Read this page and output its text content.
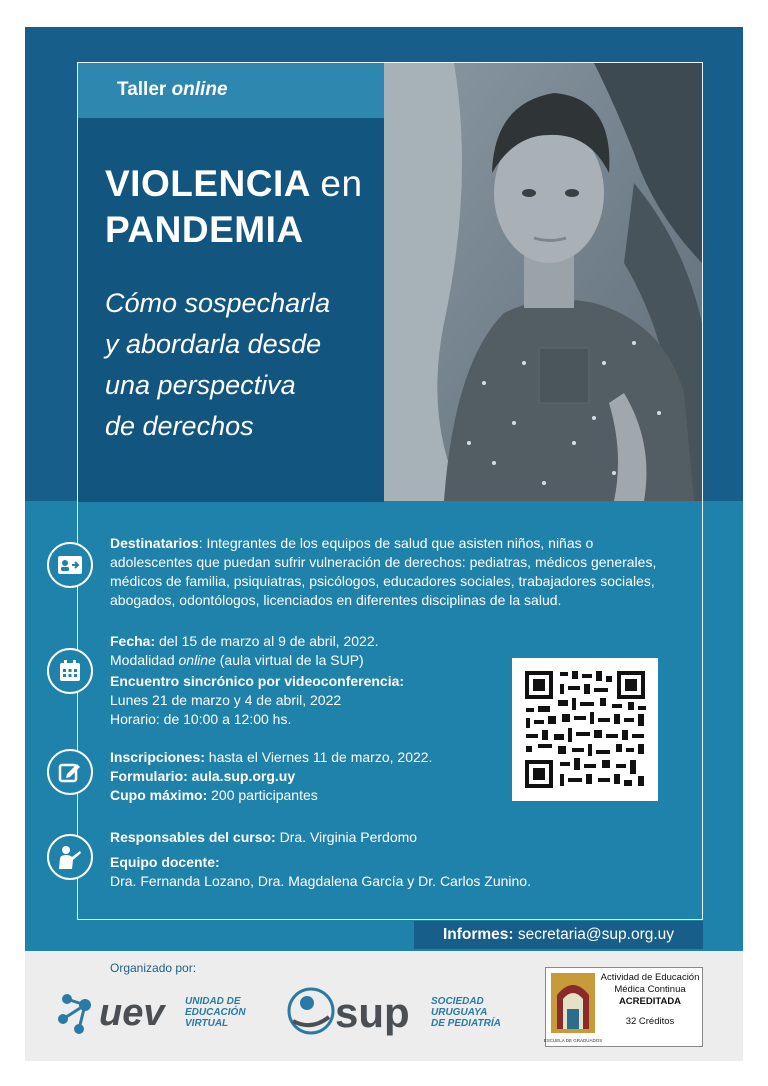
Taller online
VIOLENCIA en
PANDEMIA
Cómo sospecharla
y abordarla desde
una perspectiva
de derechos

Destinatarios: Integrantes de los equipos de salud que asisten niños, niñas o

adolescentes que puedan sufrir vulneración de derechos: pediatras, médicos generales,

médicos de familia, psiquiatras, psicólogos, educadores sociales, trabajadores sociales,

abogados, odontólogos, licenciados en diferentes disciplinas de la salud.

Fecha: del 15 de marzo al 9 de abril, 2022.

Modalidad online (aula virtual de la SUP)

Encuentro sincrónico por videoconferencia:

Lunes 21 de marzo y 4 de abril, 2022

Horario: de 10:00 a 12:00 hs.

Inscripciones: hasta el Viernes 11 de marzo, 2022.

Formulario: aula.sup.org.uy

Cupo máximo: 200 participantes

Responsables del curso: Dra. Virginia Perdomo

Equipo docente:

Dra. Fernanda Lozano, Dra. Magdalena García y Dr. Carlos Zunino.

Informes: secretaria@sup.org.uy
Organizado por:
uev UNIDAD DE
EDUCACIÓN
VIRTUAL	sup SOCIEDAD
URUGUAYA
DE PEDIATRÍA
ESCUELA DE GRADUADOS
Actividad de Educación
Médica Continua
ACREDITADA
32 Créditos
